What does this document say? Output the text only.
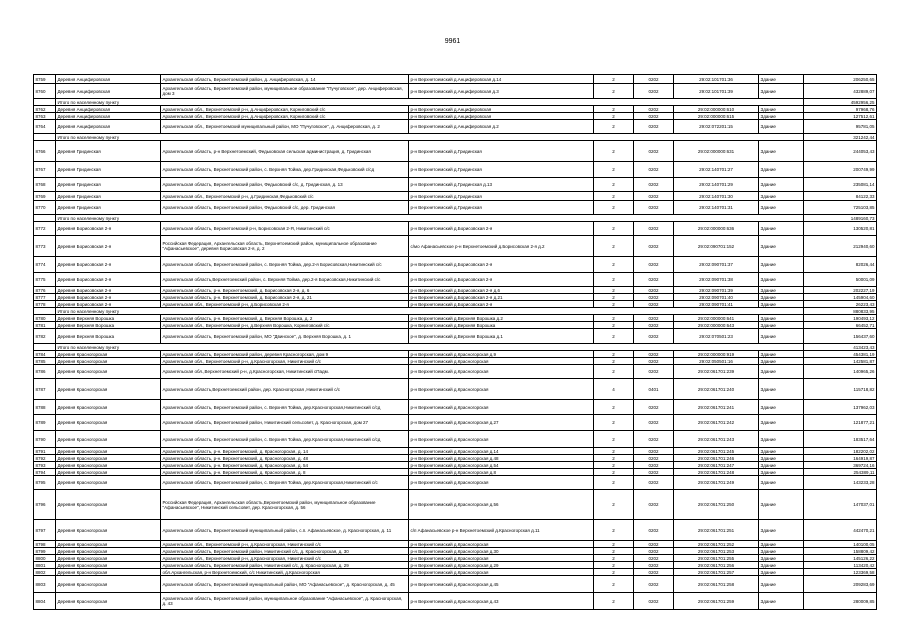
9961
8759	Деревня Анциферовская	Архангельская область, Верхнетоемский район, д. Анциферовская, д. 14	р-н Верхнетоемский д.Анциферовская д.14	2	0202	29:02:101701:36	Здание	206250,65
8760	Деревня Анциферовская	Архангельская область, Верхнетоемский район, муниципальное образование "Пучуговское", дер. Анциферовская, дом 3	р-н Верхнетоемский д.Анциферовская д.3	2	0202	29:02:101701:39	Здание	432889,07
	Итого по населенному пункту							4592956,25
8762	Деревня Анциферовская	Архангельская обл., Верхнетоемский р-н, д.Анциферовская, Корниговский с/с	р-н Верхнетоемский д.Анциферовская	2	0202	29:02:000000:610	Здание	97968,76
8763	Деревня Анциферовская	Архангельская обл., Верхнетоемский р-н, д.Анциферовская, Корниговский с/с	р-н Верхнетоемский д.Анциферовская	2	0202	29:02:000000:615	Здание	127512,61
8764	Деревня Анциферовская	Архангельская обл., Верхнетоемский муниципальный район, МО "Пучуговское", д. Анциферовская, д. 2	р-н Верхнетоемский д.Анциферовская д.2	2	0202	29:02:072201:15	Здание	95781,05
	Итого по населенному пункту							321242,44
8766	Деревня Гридинская	Архангельская область, р-н Верхнетоемский, Федьковская сельская администрация, д. Гридинская	р-н Верхнетоемский д.Гридинская	2	0202	29:02:000000:631	Здание	244053,43
8767	Деревня Гридинская	Архангельская область, Верхнетоемский район, с. Верхняя Тойма, дер.Гридинская,Федьковский с/сд	р-н Верхнетоемский д.Гридинская	2	0202	29:02:140701:27	Здание	200749,99
8768	Деревня Гридинская	Архангельская область, Верхнетоемский район, Федьковский с/с, д. Гридинская, д. 13	р-н Верхнетоемский д.Гридинская д.13	2	0202	29:02:140701:29	Здание	235081,14
8769	Деревня Гридинская	Архангельская обл., Верхнетоемский р-н, д.Гридинская,Федьковский с/с	р-н Верхнетоемский д.Гридинская	2	0202	29:02:140701:30	Здание	84122,33
8770	Деревня Гридинская	Архангельская область, Верхнетоемский район, Федьковский с/с, дер. Гридинская	р-н Верхнетоемский д.Гридинская	2	0202	29:02:140701:31	Здание	725103,85
	Итого по населенному пункту							1489160,73
8772	Деревня Борисовская 2-я	Архангельская область, Верхнетоемский р-н, Борисовская 2-Я, Никитинский с/с	р-н Верхнетоемский д.Борисовская 2-я	2	0202	29:02:000000:636	Здание	130520,81
8773	Деревня Борисовская 2-я	Российская Федерация, Архангельская область, Верхнетоемский район, муниципальное образование "Афанасьевское", деревня Борисовская 2-я, д. 2	с/мо Афанасьевское р-н Верхнетоемский д.Борисовская 2-я д.2	2	0202	29:02:090701:152	Здание	212940,60
8774	Деревня Борисовская 2-я	Архангельская область, Верхнетоемский район, с. Верхняя Тойма, дер.2-я Борисовская,Никитинский с/с	р-н Верхнетоемский д.Борисовская 2-я	2	0202	29:02:090701:37	Здание	82026,44
8775	Деревня Борисовская 2-я	Архангельская область,Верхнетоемский район, с. Верхняя Тойма, дер.2-я Борисовская,Никитинский с/с	р-н Верхнетоемский д.Борисовская 2-я	2	0202	29:02:090701:38	Здание	50001,09
8776	Деревня Борисовская 2-я	Архангельская область, р-н. Верхнетоемский, д. Борисовская 2-я, д. 6	р-н Верхнетоемский д.Борисовская 2-я д.6	2	0202	29:02:090701:39	Здание	202227,19
8777	Деревня Борисовская 2-я	Архангельская область, р-н. Верхнетоемский, д. Борисовская 2-я, д. 21	р-н Верхнетоемский д.Борисовская 2-я д.21	2	0202	29:02:090701:40	Здание	145904,60
8778	Деревня Борисовская 2-я	Архангельская обл., Верхнетоемский р-н, д.Борисовская 2-я	р-н Верхнетоемский д.Борисовская 2-я	2	0202	29:02:090701:41	Здание	26223,43
	Итого по населенному пункту							880833,95
8780	Деревня Верхняя Ворошка	Архангельская область, р-н. Верхнетоемский, д. Верхняя Ворошка, д. 2	р-н Верхнетоемский д.Верхняя Ворошка д.2	2	0202	29:02:000000:641	Здание	190493,12
8781	Деревня Верхняя Ворошка	Архангельская обл., Верхнетоемский р-н, д.Верхняя Ворошка, Корниговский с/с	р-н Верхнетоемский д.Верхняя Ворошка	2	0202	29:02:000000:643	Здание	66452,71
8782	Деревня Верхняя Ворошка	Архангельская область, Верхнетоемский район, МО "Двинское", д. Верхняя Ворошка, д. 1	р-н Верхнетоемский д.Верхняя Ворошка д.1	2	0202	29:02:070501:23	Здание	156437,60
	Итого по населенному пункту							413423,43
8784	Деревня Красногорская	Архангельская область, Верхнетоемский район, деревня Красногорская, дом 9	р-н Верхнетоемский д.Красногорская д.9	2	0202	29:02:000000:919	Здание	454381,19
8785	Деревня Красногорская	Архангельская обл., Верхнетоемский р-н, д.Красногорская, Никитинский с/с	р-н Верхнетоемский д.Красногорская	2	0202	29:02:050501:16	Здание	142581,87
8786	Деревня Красногорская	Архангельская обл.,Верхнетоемский р-н, д.Красногорская, Никитинский сПадм.	р-н Верхнетоемский д.Красногорская	2	0202	29:02:061701:239	Здание	140965,26
8787	Деревня Красногорская	Архангельская область,Верхнетоемский район, дер. Красногорская ,Никитинский с/с	р-н Верхнетоемский д.Красногорская	4	0401	29:02:061701:240	Здание	115718,82
8788	Деревня Красногорская	Архангельская область, Верхнетоемский район, с. Верхняя Тойма, дер.Красногорская,Никитинский с/сд	р-н Верхнетоемский д.Красногорская	2	0202	29:02:061701:241	Здание	137962,03
8789	Деревня Красногорская	Архангельская область, Верхнетоемский район, Никитинский сельсовет, д. Красногорская, дом 27	р-н Верхнетоемский д.Красногорская д.27	2	0202	29:02:061701:242	Здание	121877,21
8790	Деревня Красногорская	Архангельская область, Верхнетоемский район, с. Верхняя Тойма, дер.Красногорская,Никитинский с/сд	р-н Верхнетоемский д.Красногорская	2	0202	29:02:061701:243	Здание	183517,64
8791	Деревня Красногорская	Архангельская область, р-н. Верхнетоемский, д. Красногорская, д. 14	р-н Верхнетоемский д.Красногорская д.14	2	0202	29:02:061701:245	Здание	182202,02
8792	Деревня Красногорская	Архангельская область, р-н. Верхнетоемский, д. Красногорская, д. 48	р-н Верхнетоемский д.Красногорская д.48	2	0202	29:02:061701:246	Здание	164919,87
8793	Деревня Красногорская	Архангельская область, р-н. Верхнетоемский, д. Красногорская, д. 54	р-н Верхнетоемский д.Красногорская д.54	2	0202	29:02:061701:247	Здание	369724,16
8794	Деревня Красногорская	Архангельская область, р-н. Верхнетоемский, д. Красногорская, д. 8	р-н Верхнетоемский д.Красногорская д.8	2	0202	29:02:061701:248	Здание	254389,11
8795	Деревня Красногорская	Архангельская область, Верхнетоемский район, с. Верхняя Тойма, дер.Красногорская,Никитинский с/с	р-н Верхнетоемский д.Красногорская	2	0202	29:02:061701:249	Здание	143233,28
8796	Деревня Красногорская	Российская Федерация, Архангельская область,Верхнетоемский район, муниципальное образование "Афанасьевское", Никитинский сельсовет, дер. Красногорская, д. 56	р-н Верхнетоемский д.Красногорская д.56	2	0202	29:02:061701:250	Здание	147037,01
8797	Деревня Красногорская	Архангельская область, Верхнетоемский муниципальный район, с.п. Афанасьевское, д. Красногорская, д. 11	с/п Афанасьевское р-н Верхнетоемский д.Красногорская д.11	2	0202	29:02:061701:251	Здание	442470,21
8798	Деревня Красногорская	Архангельская обл., Верхнетоемский р-н, д.Красногорская, Никитинский с/с	р-н Верхнетоемский д.Красногорская	2	0202	29:02:061701:252	Здание	140100,05
8799	Деревня Красногорская	Архангельская область, Верхнетоемский район, Никитинский с/с, д. Красногорская, д. 30	р-н Верхнетоемский д.Красногорская д.30	2	0202	29:02:061701:253	Здание	158809,42
8800	Деревня Красногорская	Архангельская обл., Верхнетоемский р-н, д.Красногорская, Никитинский с/с	р-н Верхнетоемский д.Красногорская	2	0202	29:02:061701:255	Здание	145126,22
8801	Деревня Красногорская	Архангельская область, Верхнетоемский район, Никитинский с/с, д. Красногорская, д. 29	р-н Верхнетоемский д.Красногорская д.29	2	0202	29:02:061701:256	Здание	113420,42
8802	Деревня Красногорская	обл.Архангельская, р-н Верхнетоемский, с/с Никитинский, д.Красногорская	р-н Верхнетоемский д.Красногорская	2	0202	29:02:061701:257	Здание	123369,58
8803	Деревня Красногорская	Архангельская область, Верхнетоемский муниципальный район, МО "Афанасьевское", д. Красногорская, д. 45	р-н Верхнетоемский д.Красногорская д.45	2	0202	29:02:061701:258	Здание	209283,69
8804	Деревня Красногорская	Архангельская область, Верхнетоемский район, муниципальное образование "Афанасьевское", д. Красногорская, д. 43	р-н Верхнетоемский д.Красногорская д.43	2	0202	29:02:061701:259	Здание	280009,85
